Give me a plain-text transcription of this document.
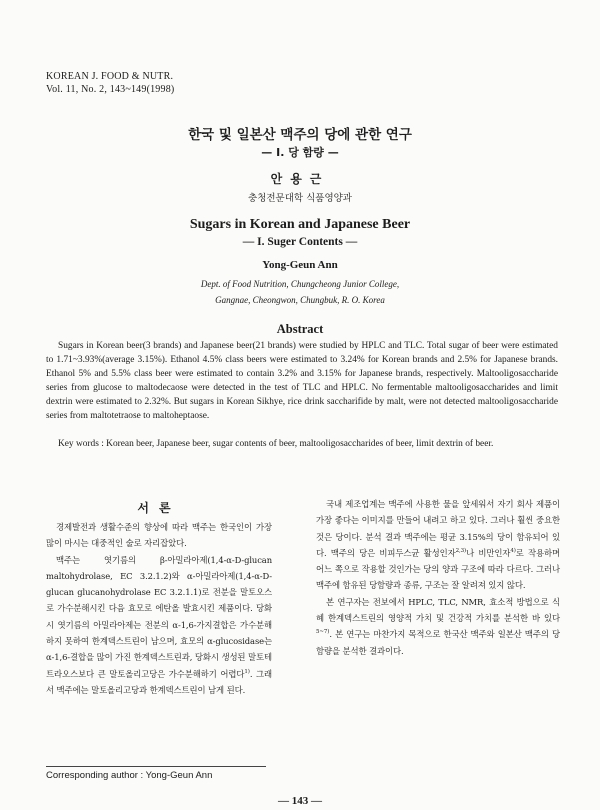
KOREAN J. FOOD & NUTR.
Vol. 11, No. 2, 143~149(1998)
한국 및 일본산 맥주의 당에 관한 연구
— I. 당 함량 —
안용근
충청전문대학 식품영양과
Sugars in Korean and Japanese Beer
— I. Suger Contents —
Yong-Geun Ann
Dept. of Food Nutrition, Chungcheong Junior College,
Gangnae, Cheongwon, Chungbuk, R. O. Korea
Abstract
Sugars in Korean beer(3 brands) and Japanese beer(21 brands) were studied by HPLC and TLC. Total sugar of beer were estimated to 1.71~3.93%(average 3.15%). Ethanol 4.5% class beers were estimated to 3.24% for Korean brands and 2.5% for Japanese brands. Ethanol 5% and 5.5% class beer were estimated to contain 3.2% and 3.15% for Japanese brands, respectively. Maltooligosaccharide series from glucose to maltodecaose were detected in the test of TLC and HPLC. No fermentable maltooligosaccharides and limit dextrin were estimated to 2.32%. But sugars in Korean Sikhye, rice drink saccharifide by malt, were not detected maltooligosaccharide series from maltotetraose to maltoheptaose.
Key words : Korean beer, Japanese beer, sugar contents of beer, maltooligosaccharides of beer, limit dextrin of beer.
서론

경제발전과 생활수준의 향상에 따라 맥주는 한국인이 가장 많이 마시는 대중적인 술로 자리잡았다.

맥주는 엿기름의 β-아밀라아제(1,4-α-D-glucan maltohydrolase, EC 3.2.1.2)와 α-아밀라아제(1,4-α-D-glucan glucanohydrolase EC 3.2.1.1)로 전분을 말토오스로 가수분해시킨 다음 효모로 에탄올 발효시킨 제품이다. 당화시 엿기름의 아밀라아제는 전분의 α-1,6-가지결합은 가수분해하지 못하여 한계덱스트린이 남으며, 효모의 α-glucosidase는 α-1,6-결합을 많이 가진 한계덱스트린과, 당화시 생성된 말토테트라오스보다 큰 말토올리고당은 가수분해하기 어렵다$^{1)}$. 그래서 맥주에는 말토올리고당과 한계덱스트린이 남게 된다.

국내 제조업계는 맥주에 사용한 물을 앞세워서 자기 회사 제품이 가장 좋다는 이미지를 만들어 내려고 하고 있다. 그러나 훨씬 중요한 것은 당이다. 분석 결과 맥주에는 평균 3.15%의 당이 함유되어 있다. 맥주의 당은 비피두스균 활성인자$^{2,3)}$나 비만인자$^{4)}$로 작용하며 어느 쪽으로 작용할 것인가는 당의 양과 구조에 따라 다르다. 그러나 맥주에 함유된 당함량과 종류, 구조는 잘 알려져 있지 않다.

본 연구자는 전보에서 HPLC, TLC, NMR, 효소적 방법으로 식혜 한계덱스트린의 영양적 가치 및 건강적 가치를 분석한 바 있다$^{5\sim 7)}$. 본 연구는 마찬가지 목적으로 한국산 맥주와 일본산 맥주의 당함량을 분석한 결과이다.

Corresponding author : Yong-Geun Ann
— 143 —
